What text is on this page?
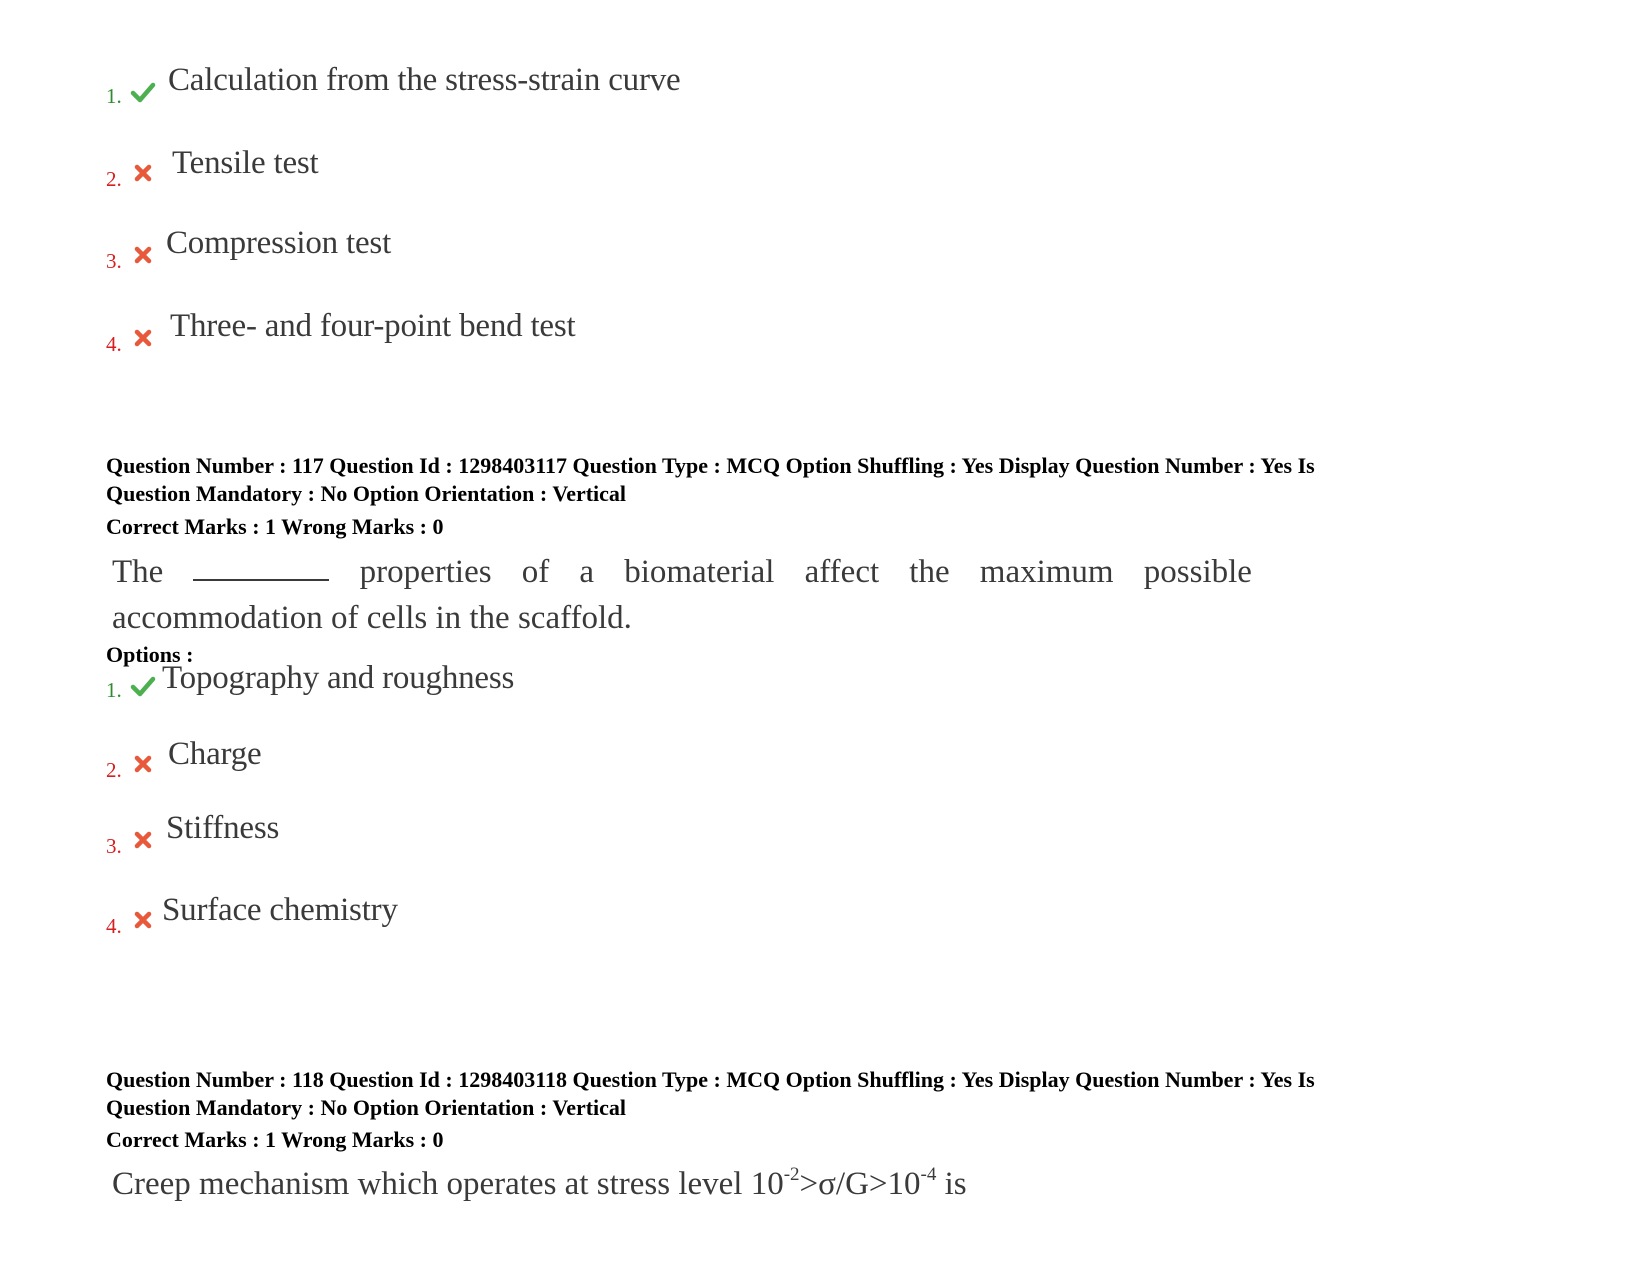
1. Calculation from the stress-strain curve
2. Tensile test
3. Compression test
4. Three- and four-point bend test
Question Number : 117 Question Id : 1298403117 Question Type : MCQ Option Shuffling : Yes Display Question Number : Yes Is
Question Mandatory : No Option Orientation : Vertical
Correct Marks : 1 Wrong Marks : 0
The	properties of a biomaterial affect the maximum possible
accommodation of cells in the scaffold.
Options :
1. Topography and roughness
2. Charge
3. Stiffness
4. Surface chemistry
Question Number : 118 Question Id : 1298403118 Question Type : MCQ Option Shuffling : Yes Display Question Number : Yes Is
Question Mandatory : No Option Orientation : Vertical
Correct Marks : 1 Wrong Marks : 0
Creep mechanism which operates at stress level $10^{-2}>\sigma/G>10^{-4}$ is
